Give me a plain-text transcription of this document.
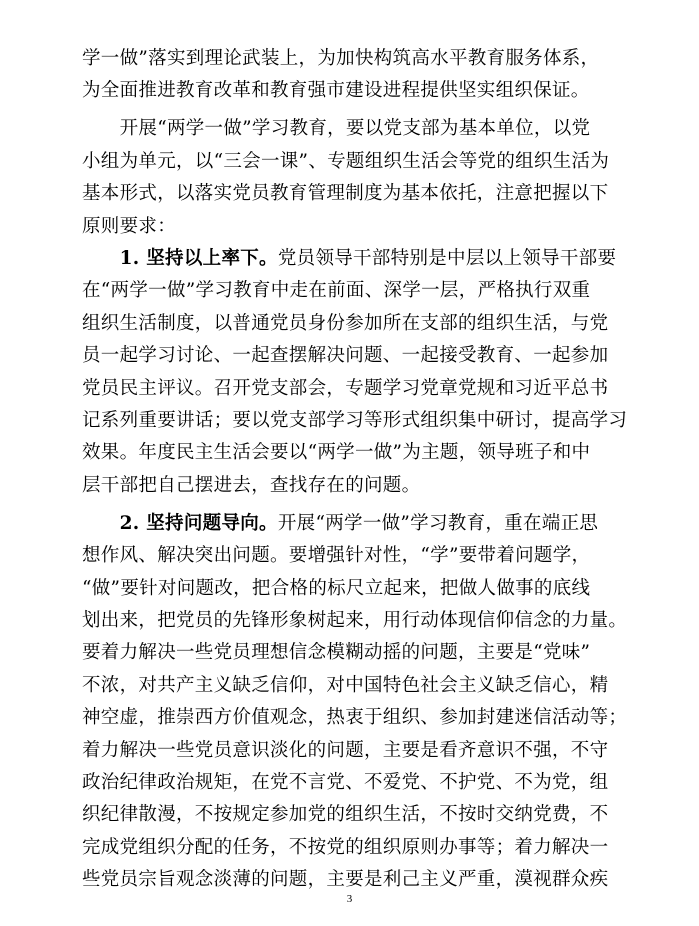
学一做”落实到理论武装上，为加快构筑高水平教育服务体系，
为全面推进教育改革和教育强市建设进程提供坚实组织保证。
　　开展“两学一做”学习教育，要以党支部为基本单位，以党
小组为单元，以“三会一课”、专题组织生活会等党的组织生活为
基本形式，以落实党员教育管理制度为基本依托，注意把握以下
原则要求：
　　1. 坚持以上率下。党员领导干部特别是中层以上领导干部要
在“两学一做”学习教育中走在前面、深学一层，严格执行双重
组织生活制度，以普通党员身份参加所在支部的组织生活，与党
员一起学习讨论、一起查摆解决问题、一起接受教育、一起参加
党员民主评议。召开党支部会，专题学习党章党规和习近平总书
记系列重要讲话；要以党支部学习等形式组织集中研讨，提高学习
效果。年度民主生活会要以“两学一做”为主题，领导班子和中
层干部把自己摆进去，查找存在的问题。
　　2. 坚持问题导向。开展“两学一做”学习教育，重在端正思
想作风、解决突出问题。要增强针对性，“学”要带着问题学，
“做”要针对问题改，把合格的标尺立起来，把做人做事的底线
划出来，把党员的先锋形象树起来，用行动体现信仰信念的力量。
要着力解决一些党员理想信念模糊动摇的问题，主要是“党味”
不浓，对共产主义缺乏信仰，对中国特色社会主义缺乏信心，精
神空虚，推崇西方价值观念，热衷于组织、参加封建迷信活动等；
着力解决一些党员意识淡化的问题，主要是看齐意识不强，不守
政治纪律政治规矩，在党不言党、不爱党、不护党、不为党，组
织纪律散漫，不按规定参加党的组织生活，不按时交纳党费，不
完成党组织分配的任务，不按党的组织原则办事等；着力解决一
3
些党员宗旨观念淡薄的问题，主要是利己主义严重，漠视群众疾
